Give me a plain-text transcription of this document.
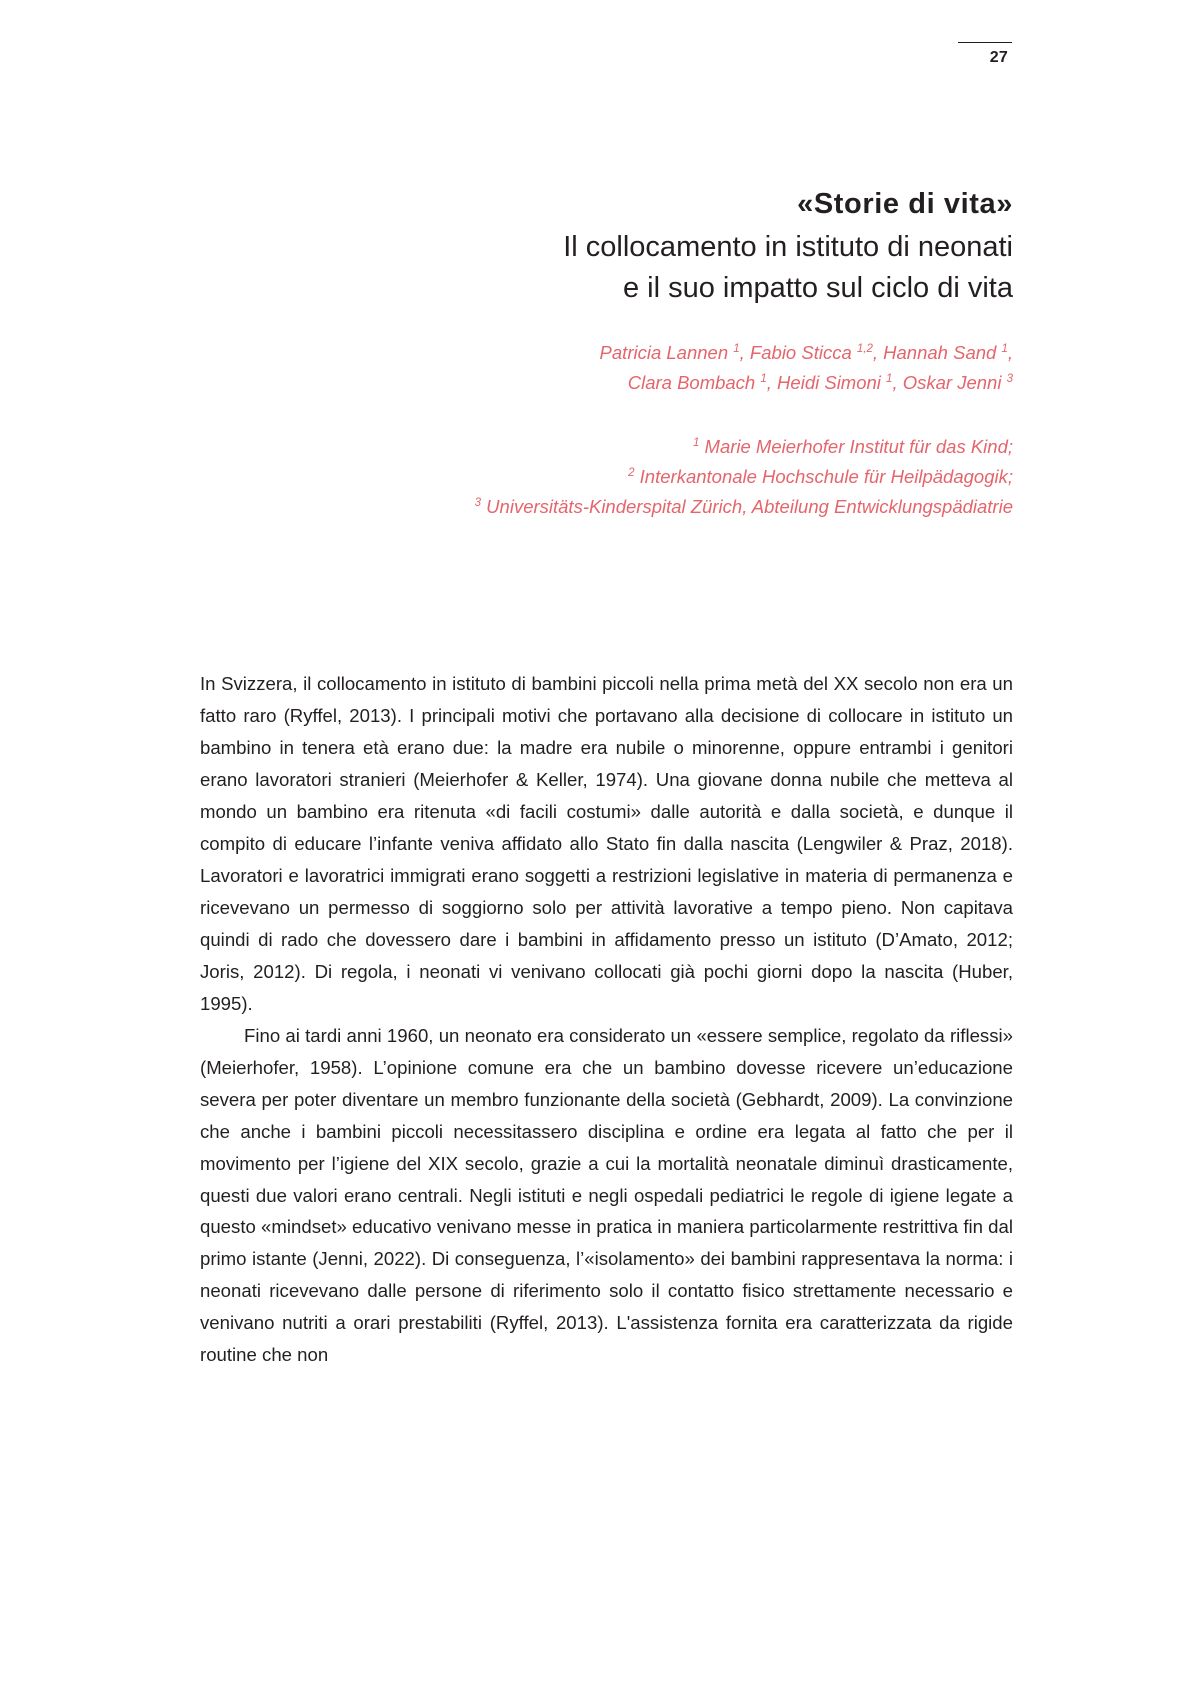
27
«Storie di vita»

Il collocamento in istituto di neonati

e il suo impatto sul ciclo di vita

Patricia Lannen $^1$, Fabio Sticca $^{1,2}$, Hannah Sand $^1$,
Clara Bombach $^1$, Heidi Simoni $^1$, Oskar Jenni $^3$
$^1$ Marie Meierhofer Institut für das Kind;
$^2$ Interkantonale Hochschule für Heilpädagogik;
$^3$ Universitäts-Kinderspital Zürich, Abteilung Entwicklungspädiatrie

In Svizzera, il collocamento in istituto di bambini piccoli nella prima metà del XX secolo non era un fatto raro (Ryffel, 2013). I principali motivi che portavano alla decisione di collocare in istituto un bambino in tenera età erano due: la madre era nubile o minorenne, oppure entrambi i genitori erano lavoratori stranieri (Meierhofer & Keller, 1974). Una giovane donna nubile che metteva al mondo un bambino era ritenuta «di facili costumi» dalle autorità e dalla società, e dunque il compito di educare l’infante veniva affidato allo Stato fin dalla nascita (Lengwiler & Praz, 2018). Lavoratori e lavoratrici immigrati erano soggetti a restrizioni legislative in materia di permanenza e ricevevano un permesso di soggiorno solo per attività lavorative a tempo pieno. Non capitava quindi di rado che dovessero dare i bambini in affidamento presso un istituto (D’Amato, 2012; Joris, 2012). Di regola, i neonati vi venivano collocati già pochi giorni dopo la nascita (Huber, 1995).

Fino ai tardi anni 1960, un neonato era considerato un «essere semplice, regolato da riflessi» (Meierhofer, 1958). L’opinione comune era che un bambino dovesse ricevere un’educazione severa per poter diventare un membro funzionante della società (Gebhardt, 2009). La convinzione che anche i bambini piccoli necessitassero disciplina e ordine era legata al fatto che per il movimento per l’igiene del XIX secolo, grazie a cui la mortalità neonatale diminuì drasticamente, questi due valori erano centrali. Negli istituti e negli ospedali pediatrici le regole di igiene legate a questo «mindset» educativo venivano messe in pratica in maniera particolarmente restrittiva fin dal primo istante (Jenni, 2022). Di conseguenza, l’«isolamento» dei bambini rappresentava la norma: i neonati ricevevano dalle persone di riferimento solo il contatto fisico strettamente necessario e venivano nutriti a orari prestabiliti (Ryffel, 2013). L'assistenza fornita era caratterizzata da rigide routine che non
